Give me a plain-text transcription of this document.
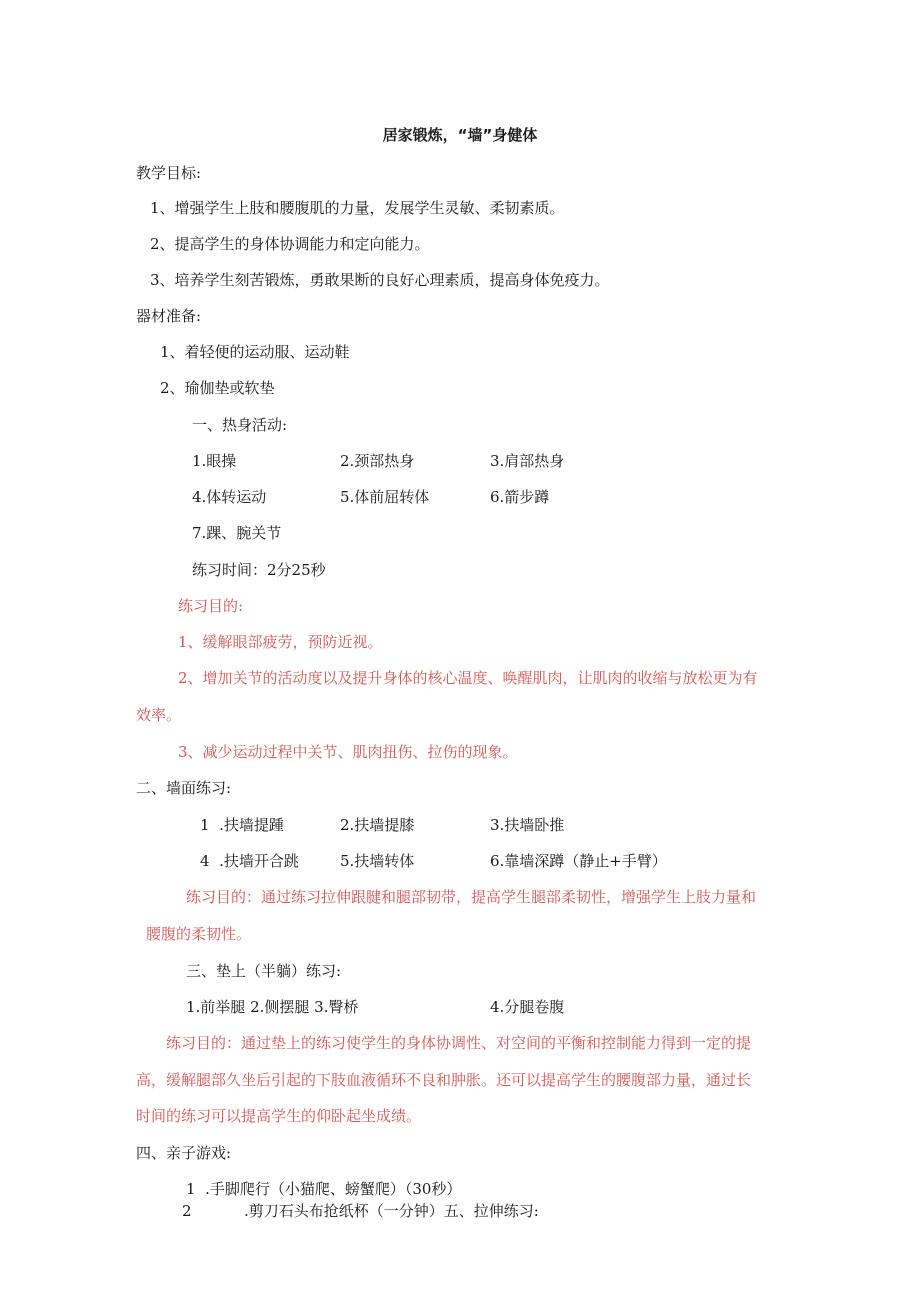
居家锻炼，“墙”身健体
教学目标:
1、增强学生上肢和腰腹肌的力量，发展学生灵敏、柔韧素质。
2、提高学生的身体协调能力和定向能力。
3、培养学生刻苦锻炼，勇敢果断的良好心理素质，提高身体免疫力。
器材准备:
1、着轻便的运动服、运动鞋
2、瑜伽垫或软垫
一、热身活动:
1.眼操	2.颈部热身	3.肩部热身
4.体转运动	5.体前屈转体	6.箭步蹲
7.踝、腕关节
练习时间：2分25秒
练习目的:
1、缓解眼部疲劳，预防近视。
2、增加关节的活动度以及提升身体的核心温度、唤醒肌肉，让肌肉的收缩与放松更为有
效率。
3、减少运动过程中关节、肌肉扭伤、拉伤的现象。
二、墙面练习:
1  .扶墙提踵	2.扶墙提膝	3.扶墙卧推
4  .扶墙开合跳	5.扶墙转体	6.靠墙深蹲（静止+手臂）
练习目的：通过练习拉伸跟腱和腿部韧带，提高学生腿部柔韧性，增强学生上肢力量和
腰腹的柔韧性。
三、垫上（半躺）练习:
1.前举腿 2.侧摆腿 3.臀桥	4.分腿卷腹
练习目的：通过垫上的练习使学生的身体协调性、对空间的平衡和控制能力得到一定的提
高，缓解腿部久坐后引起的下肢血液循环不良和肿胀。还可以提高学生的腰腹部力量，通过长
时间的练习可以提高学生的仰卧起坐成绩。
四、亲子游戏:
1  .手脚爬行（小猫爬、螃蟹爬）（30秒）
2	.剪刀石头布抢纸杯（一分钟）五、拉伸练习:
